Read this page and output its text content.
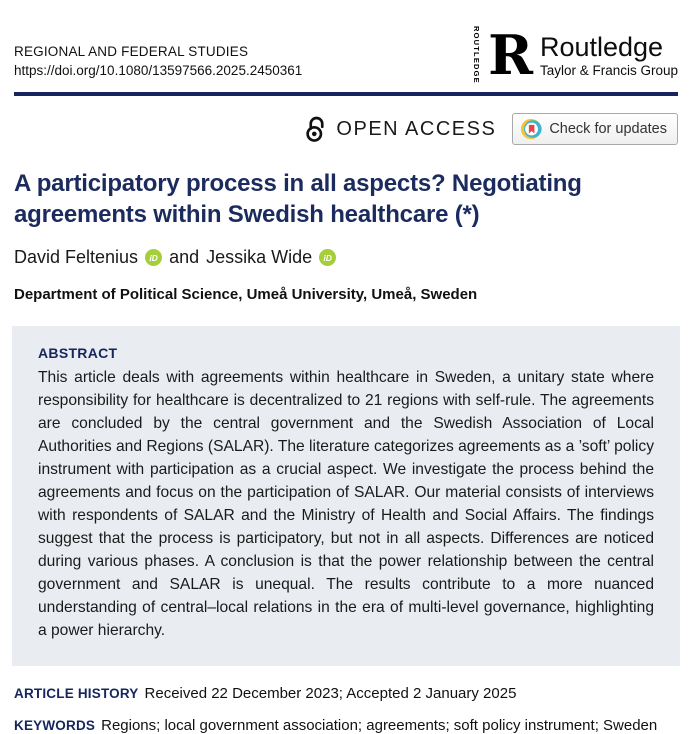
REGIONAL AND FEDERAL STUDIES
https://doi.org/10.1080/13597566.2025.2450361	ROUTLEDGE R Routledge
Taylor & Francis Group
OPEN ACCESS	Check for updates
A participatory process in all aspects? Negotiating agreements within Swedish healthcare (*)
David Feltenius	iD and Jessika Wide	iD
Department of Political Science, Umeå University, Umeå, Sweden
ABSTRACT
This article deals with agreements within healthcare in Sweden, a unitary state where responsibility for healthcare is decentralized to 21 regions with self-rule. The agreements are concluded by the central government and the Swedish Association of Local Authorities and Regions (SALAR). The literature categorizes agreements as a ’soft’ policy instrument with participation as a crucial aspect. We investigate the process behind the agreements and focus on the participation of SALAR. Our material consists of interviews with respondents of SALAR and the Ministry of Health and Social Affairs. The findings suggest that the process is participatory, but not in all aspects. Differences are noticed during various phases. A conclusion is that the power relationship between the central government and SALAR is unequal. The results contribute to a more nuanced understanding of central–local relations in the era of multi-level governance, highlighting a power hierarchy.
ARTICLE HISTORY Received 22 December 2023; Accepted 2 January 2025
KEYWORDS Regions; local government association; agreements; soft policy instrument; Sweden
